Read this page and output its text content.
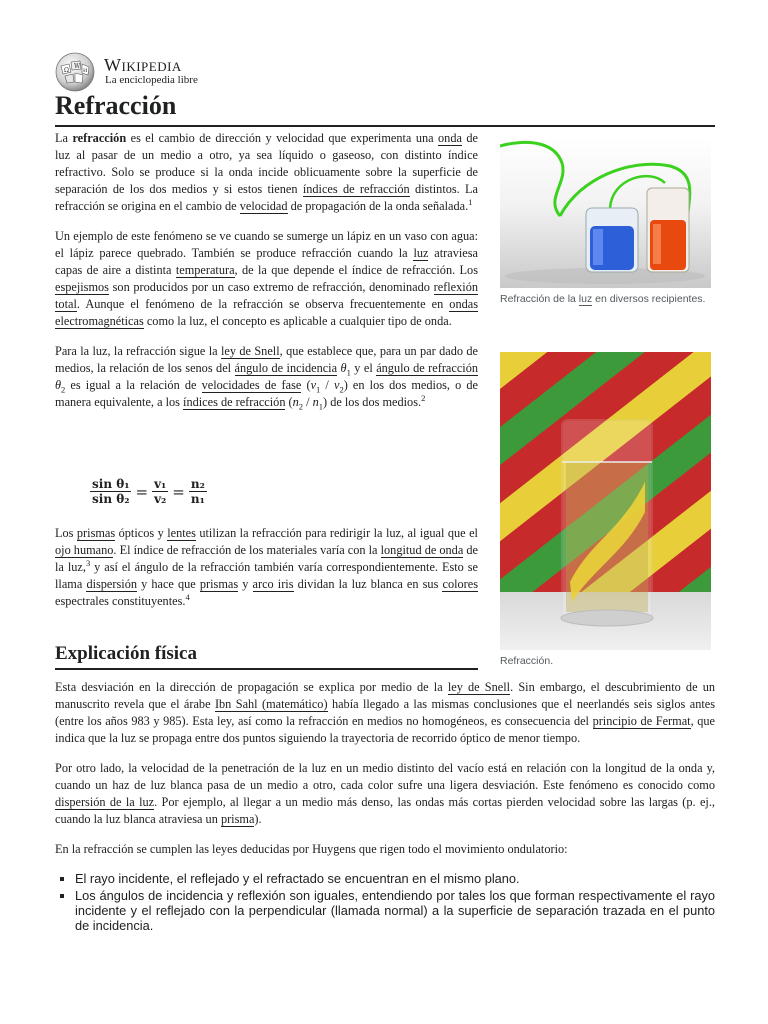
Ω
W
И Wikipedia
La enciclopedia libre
Refracción

La refracción es el cambio de dirección y velocidad que experimenta una onda de luz al pasar de un medio a otro, ya sea líquido o gaseoso, con distinto índice refractivo. Solo se produce si la onda incide oblicuamente sobre la superficie de separación de los dos medios y si estos tienen índices de refracción distintos. La refracción se origina en el cambio de velocidad de propagación de la onda señalada.$^1$

Un ejemplo de este fenómeno se ve cuando se sumerge un lápiz en un vaso con agua: el lápiz parece quebrado. También se produce refracción cuando la luz atraviesa capas de aire a distinta temperatura, de la que depende el índice de refracción. Los espejismos son producidos por un caso extremo de refracción, denominado reflexión total. Aunque el fenómeno de la refracción se observa frecuentemente en ondas electromagnéticas como la luz, el concepto es aplicable a cualquier tipo de onda.

Para la luz, la refracción sigue la ley de Snell, que establece que, para un par dado de medios, la relación de los senos del ángulo de incidencia $\theta_1$ y el ángulo de refracción $\theta_2$ es igual a la relación de velocidades de fase $(v_1 / v_2)$ en los dos medios, o de manera equivalente, a los índices de refracción $(n_2 / n_1)$ de los dos medios.$^2$

$\frac{\text{sin θ₁}}{\text{sin θ₂}} = \frac{\text{v₁}}{\text{v₂}} = \frac{\text{n₂}}{\text{n₁}}$

Los prismas ópticos y lentes utilizan la refracción para redirigir la luz, al igual que el ojo humano. El índice de refracción de los materiales varía con la longitud de onda de la luz,$^3$ y así el ángulo de la refracción también varía correspondientemente. Esto se llama dispersión y hace que prismas y arco iris dividan la luz blanca en sus colores espectrales constituyentes.$^4$

Refracción de la luz en diversos recipientes.
Refracción.
Explicación física

Esta desviación en la dirección de propagación se explica por medio de la ley de Snell. Sin embargo, el descubrimiento de un manuscrito revela que el árabe Ibn Sahl (matemático) había llegado a las mismas conclusiones que el neerlandés seis siglos antes (entre los años 983 y 985). Esta ley, así como la refracción en medios no homogéneos, es consecuencia del principio de Fermat, que indica que la luz se propaga entre dos puntos siguiendo la trayectoria de recorrido óptico de menor tiempo.

Por otro lado, la velocidad de la penetración de la luz en un medio distinto del vacío está en relación con la longitud de la onda y, cuando un haz de luz blanca pasa de un medio a otro, cada color sufre una ligera desviación. Este fenómeno es conocido como dispersión de la luz. Por ejemplo, al llegar a un medio más denso, las ondas más cortas pierden velocidad sobre las largas (p. ej., cuando la luz blanca atraviesa un prisma).

En la refracción se cumplen las leyes deducidas por Huygens que rigen todo el movimiento ondulatorio:

▪ El rayo incidente, el reflejado y el refractado se encuentran en el mismo plano.
▪ Los ángulos de incidencia y reflexión son iguales, entendiendo por tales los que forman respectivamente el rayo incidente y el reflejado con la perpendicular (llamada normal) a la superficie de separación trazada en el punto de incidencia.
